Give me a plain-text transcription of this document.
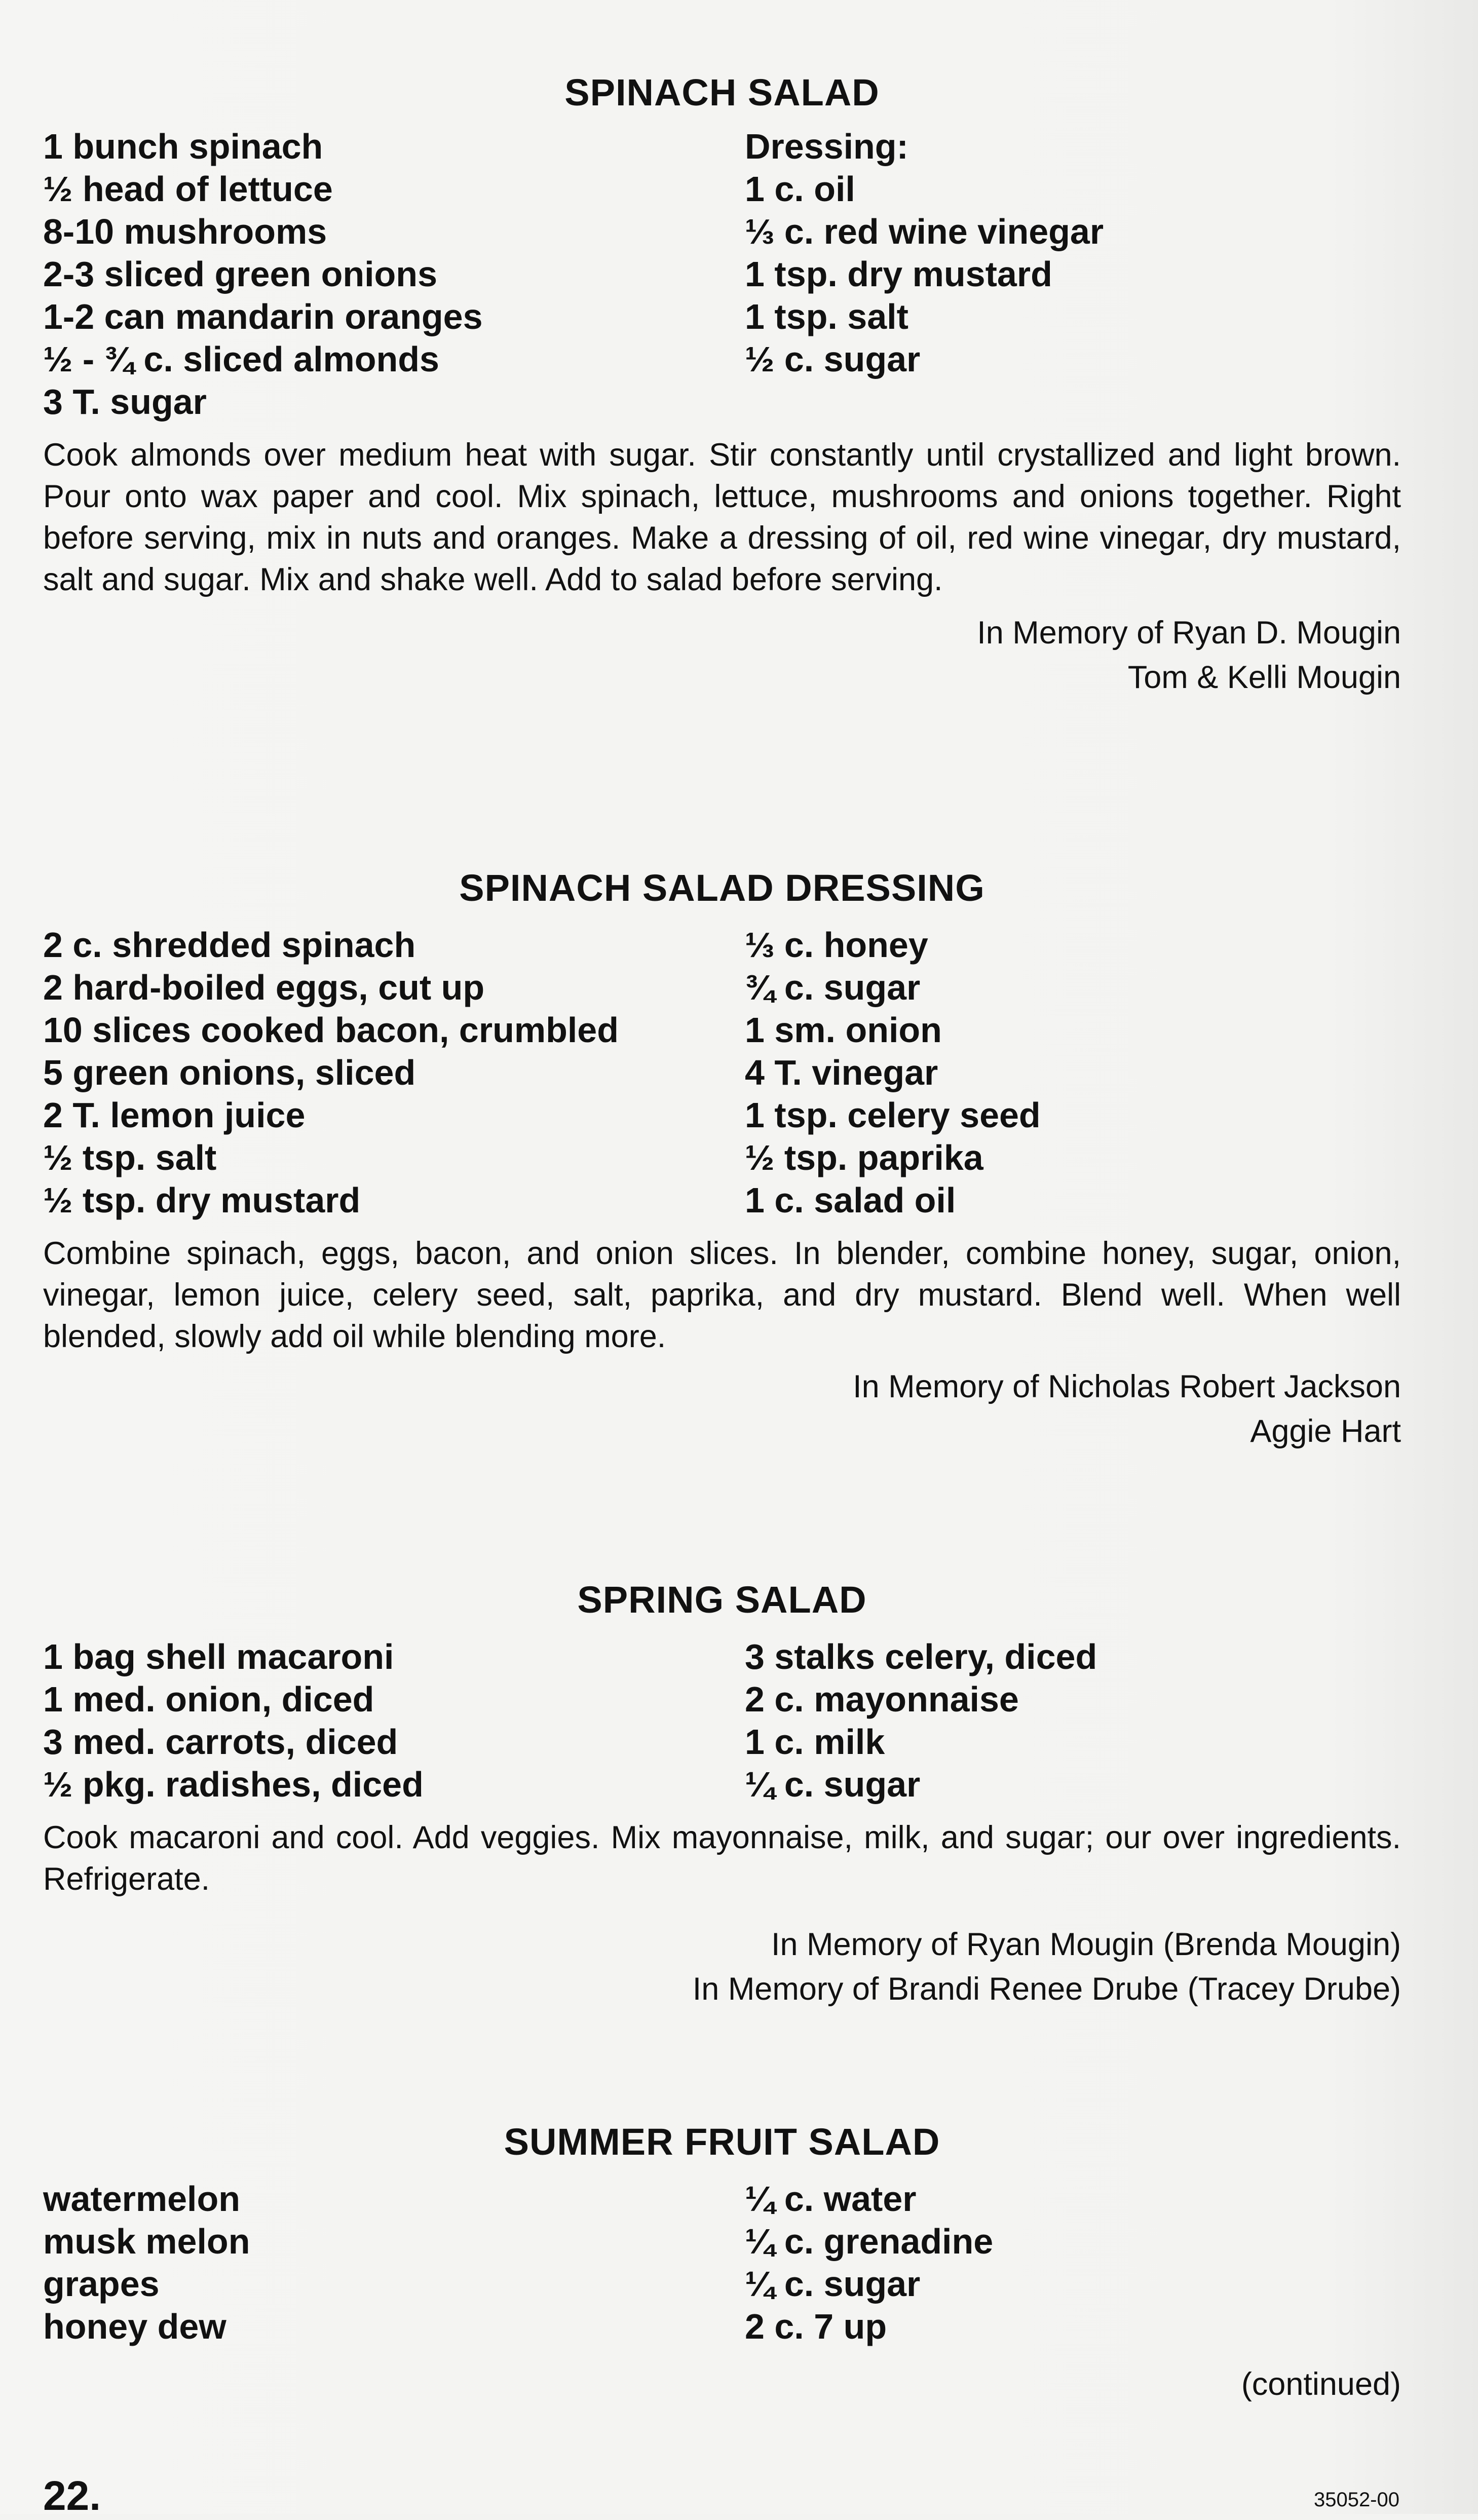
SPINACH SALAD
1 bunch spinach
½ head of lettuce
8-10 mushrooms
2-3 sliced green onions
1-2 can mandarin oranges
½ - ¾ c. sliced almonds
3 T. sugar
Dressing:
1 c. oil
⅓ c. red wine vinegar
1 tsp. dry mustard
1 tsp. salt
½ c. sugar

Cook almonds over medium heat with sugar. Stir constantly until crystallized and light brown. Pour onto wax paper and cool. Mix spinach, lettuce, mushrooms and onions together. Right before serving, mix in nuts and oranges. Make a dressing of oil, red wine vinegar, dry mustard, salt and sugar. Mix and shake well. Add to salad before serving.

In Memory of Ryan D. Mougin
Tom & Kelli Mougin
SPINACH SALAD DRESSING
2 c. shredded spinach
2 hard-boiled eggs, cut up
10 slices cooked bacon, crumbled
5 green onions, sliced
2 T. lemon juice
½ tsp. salt
½ tsp. dry mustard
⅓ c. honey
¾ c. sugar
1 sm. onion
4 T. vinegar
1 tsp. celery seed
½ tsp. paprika
1 c. salad oil

Combine spinach, eggs, bacon, and onion slices. In blender, combine honey, sugar, onion, vinegar, lemon juice, celery seed, salt, paprika, and dry mustard. Blend well. When well blended, slowly add oil while blending more.

In Memory of Nicholas Robert Jackson
Aggie Hart
SPRING SALAD
1 bag shell macaroni
1 med. onion, diced
3 med. carrots, diced
½ pkg. radishes, diced
3 stalks celery, diced
2 c. mayonnaise
1 c. milk
¼ c. sugar

Cook macaroni and cool. Add veggies. Mix mayonnaise, milk, and sugar; our over ingredients. Refrigerate.

In Memory of Ryan Mougin (Brenda Mougin)
In Memory of Brandi Renee Drube (Tracey Drube)
SUMMER FRUIT SALAD
watermelon
musk melon
grapes
honey dew
¼ c. water
¼ c. grenadine
¼ c. sugar
2 c. 7 up
(continued)
22.	35052-00
